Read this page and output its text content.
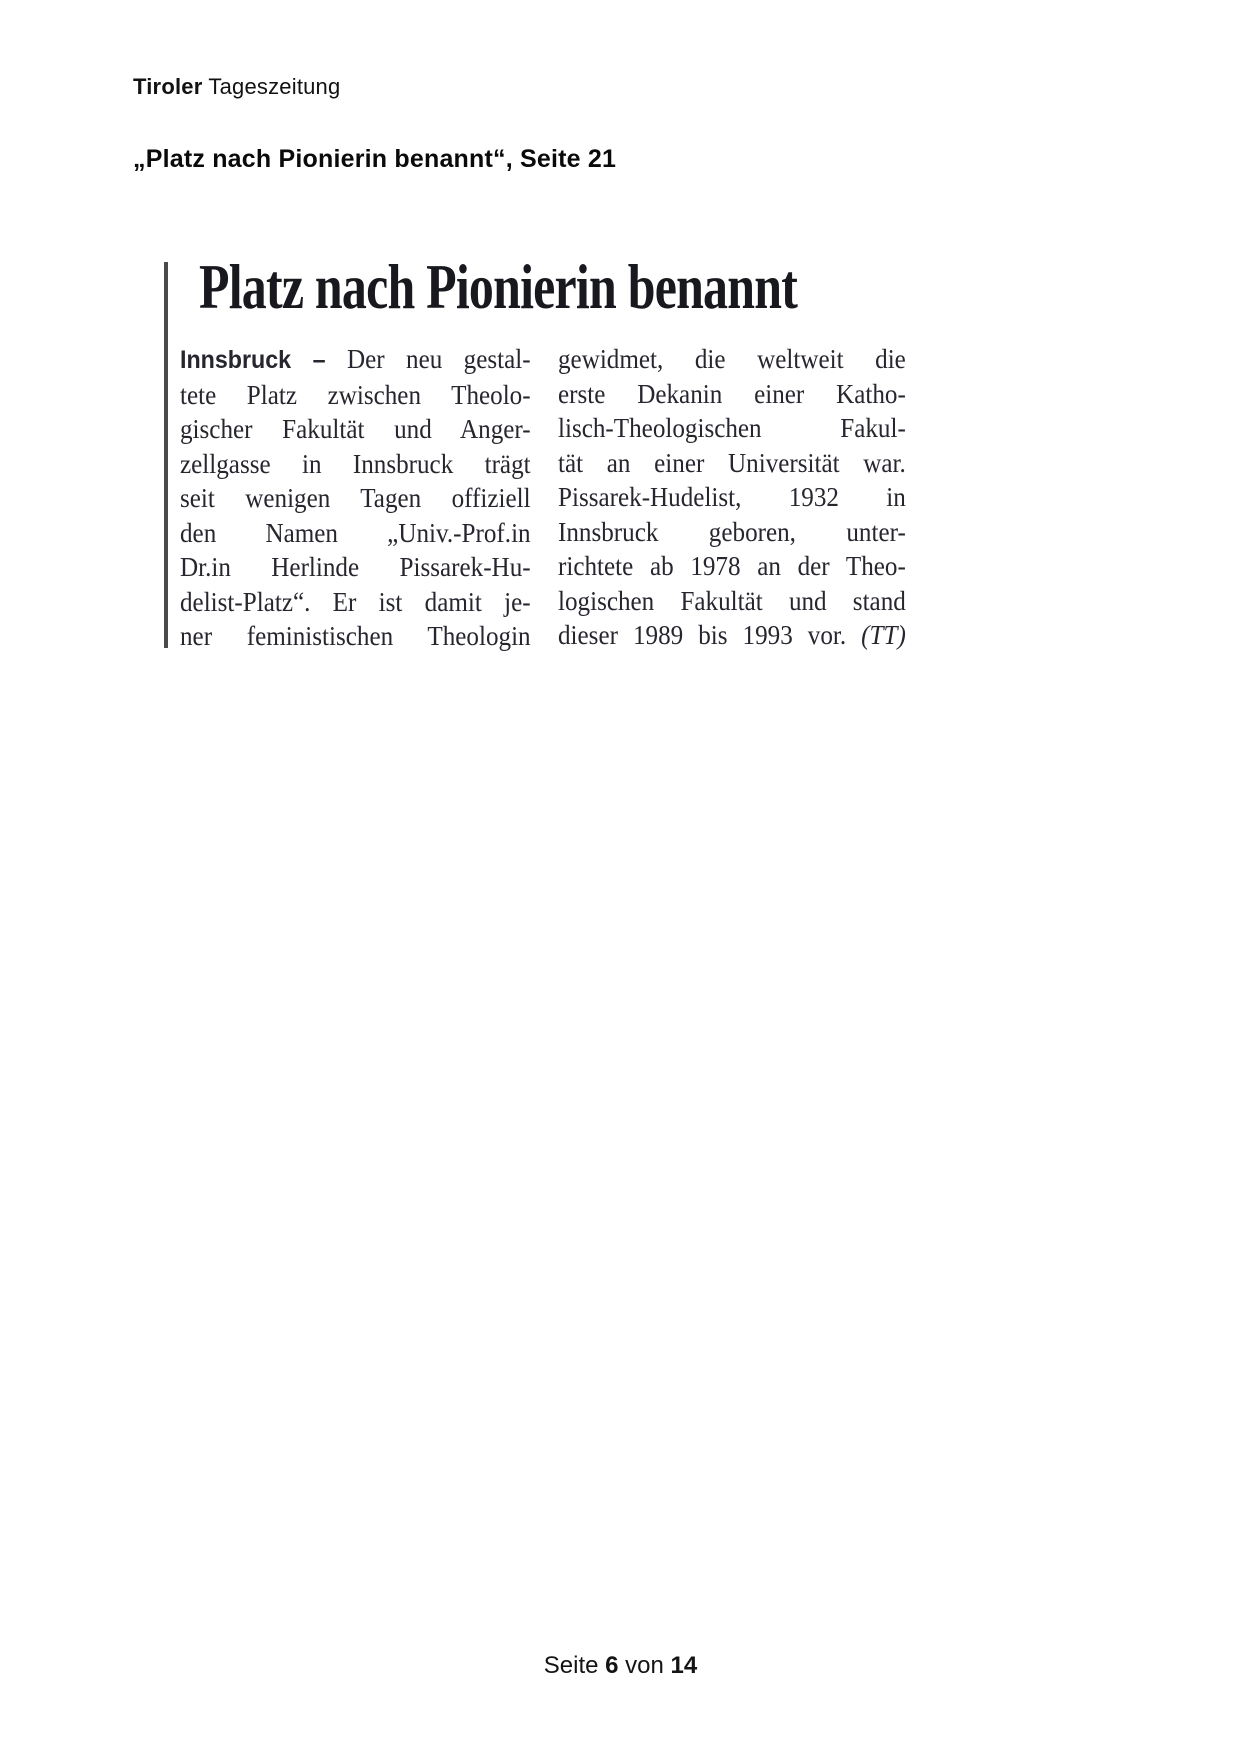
Tiroler Tageszeitung
„Platz nach Pionierin benannt“, Seite 21
Platz nach Pionierin benannt
Innsbruck – Der neu gestal-
tete Platz zwischen Theolo-
gischer Fakultät und Anger-
zellgasse in Innsbruck trägt
seit wenigen Tagen offiziell
den Namen „Univ.-Prof.in
Dr.in Herlinde Pissarek-Hu-
delist-Platz“. Er ist damit je-
ner feministischen Theologin
gewidmet, die weltweit die
erste Dekanin einer Katho-
lisch-Theologischen Fakul-
tät an einer Universität war.
Pissarek-Hudelist, 1932 in
Innsbruck geboren, unter-
richtete ab 1978 an der Theo-
logischen Fakultät und stand
dieser 1989 bis 1993 vor. (TT)
Seite 6 von 14
